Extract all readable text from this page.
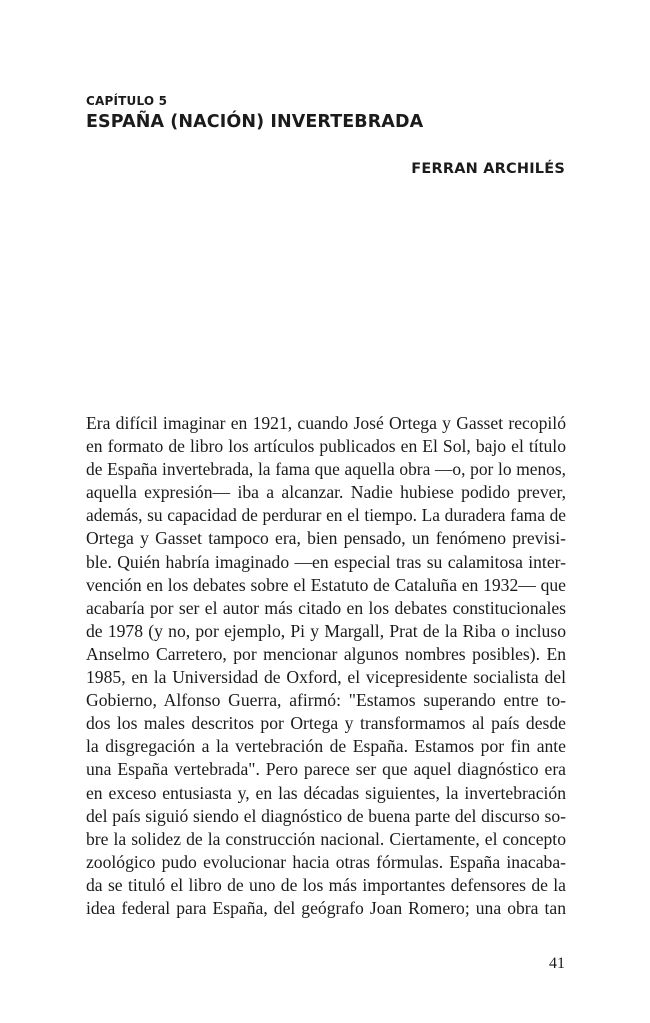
CAPÍTULO 5
ESPAÑA (NACIÓN) INVERTEBRADA
FERRAN ARCHILÉS
Era difícil imaginar en 1921, cuando José Ortega y Gasset recopiló
en formato de libro los artículos publicados en El Sol, bajo el título
de España invertebrada, la fama que aquella obra —o, por lo menos,
aquella expresión— iba a alcanzar. Nadie hubiese podido prever,
además, su capacidad de perdurar en el tiempo. La duradera fama de
Ortega y Gasset tampoco era, bien pensado, un fenómeno previsi-
ble. Quién habría imaginado —en especial tras su calamitosa inter-
vención en los debates sobre el Estatuto de Cataluña en 1932— que
acabaría por ser el autor más citado en los debates constitucionales
de 1978 (y no, por ejemplo, Pi y Margall, Prat de la Riba o incluso
Anselmo Carretero, por mencionar algunos nombres posibles). En
1985, en la Universidad de Oxford, el vicepresidente socialista del
Gobierno, Alfonso Guerra, afirmó: "Estamos superando entre to-
dos los males descritos por Ortega y transformamos al país desde
la disgregación a la vertebración de España. Estamos por fin ante
una España vertebrada". Pero parece ser que aquel diagnóstico era
en exceso entusiasta y, en las décadas siguientes, la invertebración
del país siguió siendo el diagnóstico de buena parte del discurso so-
bre la solidez de la construcción nacional. Ciertamente, el concepto
zoológico pudo evolucionar hacia otras fórmulas. España inacaba-
da se tituló el libro de uno de los más importantes defensores de la
idea federal para España, del geógrafo Joan Romero; una obra tan
41
